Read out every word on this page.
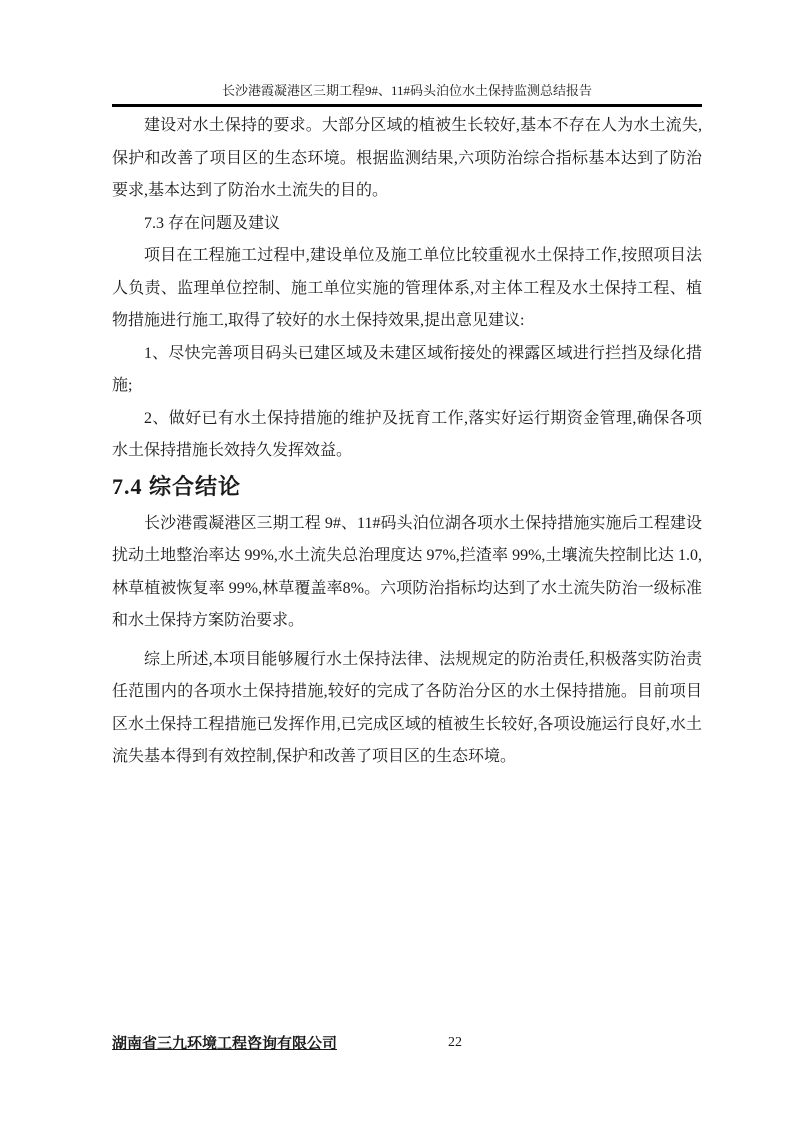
长沙港霞凝港区三期工程9#、11#码头泊位水土保持监测总结报告

建设对水土保持的要求。大部分区域的植被生长较好,基本不存在人为水土流失,保护和改善了项目区的生态环境。根据监测结果,六项防治综合指标基本达到了防治要求,基本达到了防治水土流失的目的。

7.3 存在问题及建议

项目在工程施工过程中,建设单位及施工单位比较重视水土保持工作,按照项目法人负责、监理单位控制、施工单位实施的管理体系,对主体工程及水土保持工程、植物措施进行施工,取得了较好的水土保持效果,提出意见建议:

1、尽快完善项目码头已建区域及未建区域衔接处的裸露区域进行拦挡及绿化措施;

2、做好已有水土保持措施的维护及抚育工作,落实好运行期资金管理,确保各项水土保持措施长效持久发挥效益。

7.4 综合结论

长沙港霞凝港区三期工程 9#、11#码头泊位湖各项水土保持措施实施后工程建设扰动土地整治率达 99%,水土流失总治理度达 97%,拦渣率 99%,土壤流失控制比达 1.0,林草植被恢复率 99%,林草覆盖率8%。六项防治指标均达到了水土流失防治一级标准和水土保持方案防治要求。

综上所述,本项目能够履行水土保持法律、法规规定的防治责任,积极落实防治责任范围内的各项水土保持措施,较好的完成了各防治分区的水土保持措施。目前项目区水土保持工程措施已发挥作用,已完成区域的植被生长较好,各项设施运行良好,水土流失基本得到有效控制,保护和改善了项目区的生态环境。

湖南省三九环境工程咨询有限公司	22
